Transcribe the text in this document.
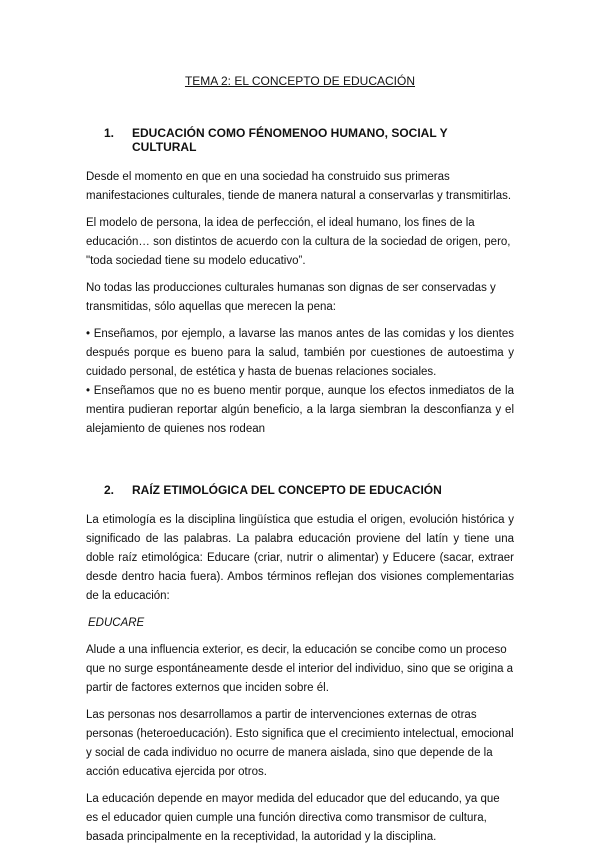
TEMA 2: EL CONCEPTO DE EDUCACIÓN
1.	EDUCACIÓN COMO FÉNOMENOO HUMANO, SOCIAL Y CULTURAL

Desde el momento en que en una sociedad ha construido sus primeras manifestaciones culturales, tiende de manera natural a conservarlas y transmitirlas.

El modelo de persona, la idea de perfección, el ideal humano, los fines de la educación… son distintos de acuerdo con la cultura de la sociedad de origen, pero, "toda sociedad tiene su modelo educativo”.

No todas las producciones culturales humanas son dignas de ser conservadas y transmitidas, sólo aquellas que merecen la pena:

• Enseñamos, por ejemplo, a lavarse las manos antes de las comidas y los dientes después porque es bueno para la salud, también por cuestiones de autoestima y cuidado personal, de estética y hasta de buenas relaciones sociales.

• Enseñamos que no es bueno mentir porque, aunque los efectos inmediatos de la mentira pudieran reportar algún beneficio, a la larga siembran la desconfianza y el alejamiento de quienes nos rodean

2.	RAÍZ ETIMOLÓGICA DEL CONCEPTO DE EDUCACIÓN

La etimología es la disciplina lingüística que estudia el origen, evolución histórica y significado de las palabras. La palabra educación proviene del latín y tiene una doble raíz etimológica: Educare (criar, nutrir o alimentar) y Educere (sacar, extraer desde dentro hacia fuera). Ambos términos reflejan dos visiones complementarias de la educación:

EDUCARE

Alude a una influencia exterior, es decir, la educación se concibe como un proceso que no surge espontáneamente desde el interior del individuo, sino que se origina a partir de factores externos que inciden sobre él.

Las personas nos desarrollamos a partir de intervenciones externas de otras personas (heteroeducación). Esto significa que el crecimiento intelectual, emocional y social de cada individuo no ocurre de manera aislada, sino que depende de la acción educativa ejercida por otros.

La educación depende en mayor medida del educador que del educando, ya que es el educador quien cumple una función directiva como transmisor de cultura, basada principalmente en la receptividad, la autoridad y la disciplina.
